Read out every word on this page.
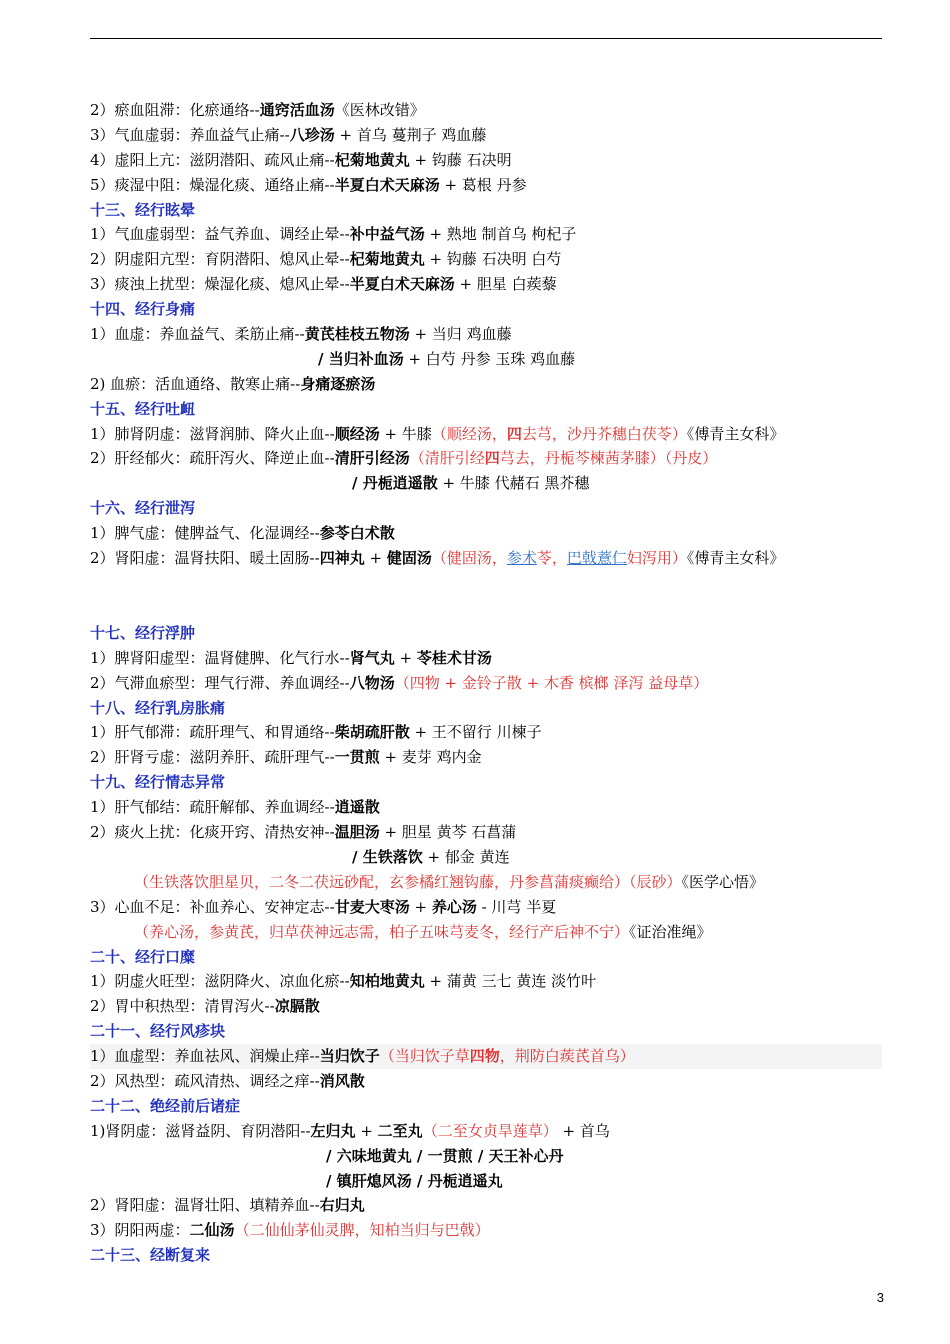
2）瘀血阻滞：化瘀通络--通窍活血汤《医林改错》
3）气血虚弱：养血益气止痛--八珍汤 + 首乌 蔓荆子 鸡血藤
4）虚阳上亢：滋阴潜阳、疏风止痛--杞菊地黄丸 + 钩藤 石决明
5）痰湿中阻：燥湿化痰、通络止痛--半夏白术天麻汤 + 葛根 丹参
十三、经行眩晕
1）气血虚弱型：益气养血、调经止晕--补中益气汤 + 熟地 制首乌 枸杞子
2）阴虚阳亢型：育阴潜阳、熄风止晕--杞菊地黄丸 + 钩藤 石决明 白芍
3）痰浊上扰型：燥湿化痰、熄风止晕--半夏白术天麻汤 + 胆星 白蒺藜
十四、经行身痛
1）血虚：养血益气、柔筋止痛--黄芪桂枝五物汤 + 当归 鸡血藤
/ 当归补血汤 + 白芍 丹参 玉珠 鸡血藤
2) 血瘀：活血通络、散寒止痛--身痛逐瘀汤
十五、经行吐衄
1）肺肾阴虚：滋肾润肺、降火止血--顺经汤 + 牛膝（顺经汤，四去芎，沙丹芥穗白茯苓）《傅青主女科》
2）肝经郁火：疏肝泻火、降逆止血--清肝引经汤（清肝引经四芎去，丹栀芩楝茜茅膝）（丹皮）
/ 丹栀逍遥散 + 牛膝 代赭石 黑芥穗
十六、经行泄泻
1）脾气虚：健脾益气、化湿调经--参苓白术散
2）肾阳虚：温肾扶阳、暖土固肠--四神丸 + 健固汤（健固汤，参术苓，巴戟薏仁妇泻用）《傅青主女科》
十七、经行浮肿
1）脾肾阳虚型：温肾健脾、化气行水--肾气丸 + 苓桂术甘汤
2）气滞血瘀型：理气行滞、养血调经--八物汤（四物 + 金铃子散 + 木香 槟榔 泽泻 益母草）
十八、经行乳房胀痛
1）肝气郁滞：疏肝理气、和胃通络--柴胡疏肝散 + 王不留行 川楝子
2）肝肾亏虚：滋阴养肝、疏肝理气--一贯煎 + 麦芽 鸡内金
十九、经行情志异常
1）肝气郁结：疏肝解郁、养血调经--逍遥散
2）痰火上扰：化痰开窍、清热安神--温胆汤 + 胆星 黄芩 石菖蒲
/ 生铁落饮 + 郁金 黄连
（生铁落饮胆星贝，二冬二茯远砂配，玄参橘红翘钩藤，丹参菖蒲痰癫给）（辰砂）《医学心悟》
3）心血不足：补血养心、安神定志--甘麦大枣汤 + 养心汤 - 川芎 半夏
（养心汤，参黄芪，归草茯神远志需，柏子五味芎麦冬，经行产后神不宁）《证治准绳》
二十、经行口糜
1）阴虚火旺型：滋阴降火、凉血化瘀--知柏地黄丸 + 蒲黄 三七 黄连 淡竹叶
2）胃中积热型：清胃泻火--凉膈散
二十一、经行风疹块
1）血虚型：养血祛风、润燥止痒--当归饮子（当归饮子草四物，荆防白蒺芪首乌）
2）风热型：疏风清热、调经之痒--消风散
二十二、绝经前后诸症
1)肾阴虚：滋肾益阴、育阴潜阳--左归丸 + 二至丸（二至女贞旱莲草） + 首乌
/ 六味地黄丸 / 一贯煎 / 天王补心丹
/ 镇肝熄风汤 / 丹栀逍遥丸
2）肾阳虚：温肾壮阳、填精养血--右归丸
3）阴阳两虚：二仙汤（二仙仙茅仙灵脾，知柏当归与巴戟）
二十三、经断复来
3
